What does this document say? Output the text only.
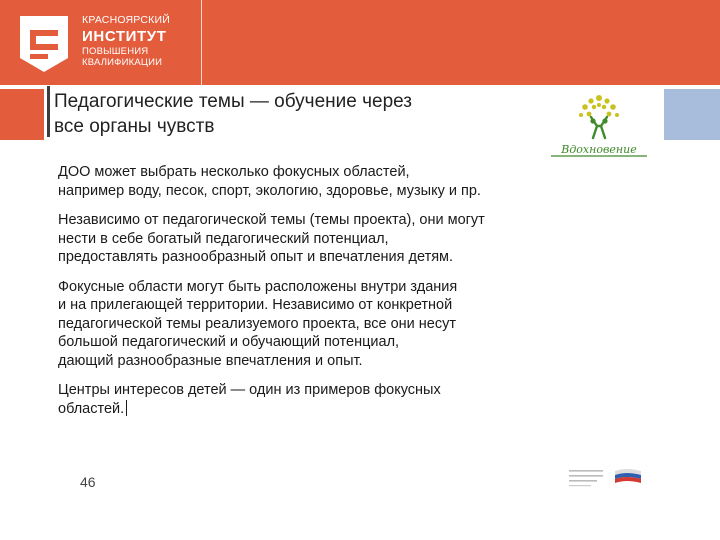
КРАСНОЯРСКИЙ
ИНСТИТУТ
ПОВЫШЕНИЯ
КВАЛИФИКАЦИИ
Педагогические темы — обучение через
все органы чувств
Вдохновение

ДОО может выбрать несколько фокусных областей,
например воду, песок, спорт, экологию, здоровье, музыку и пр.

Независимо от педагогической темы (темы проекта), они могут
нести в себе богатый педагогический потенциал,
предоставлять разнообразный опыт и впечатления детям.

Фокусные области могут быть расположены внутри здания
и на прилегающей территории. Независимо от конкретной
педагогической темы реализуемого проекта, все они несут
большой педагогический и обучающий потенциал,
дающий разнообразные впечатления и опыт.

Центры интересов детей — один из примеров фокусных
областей.

46
